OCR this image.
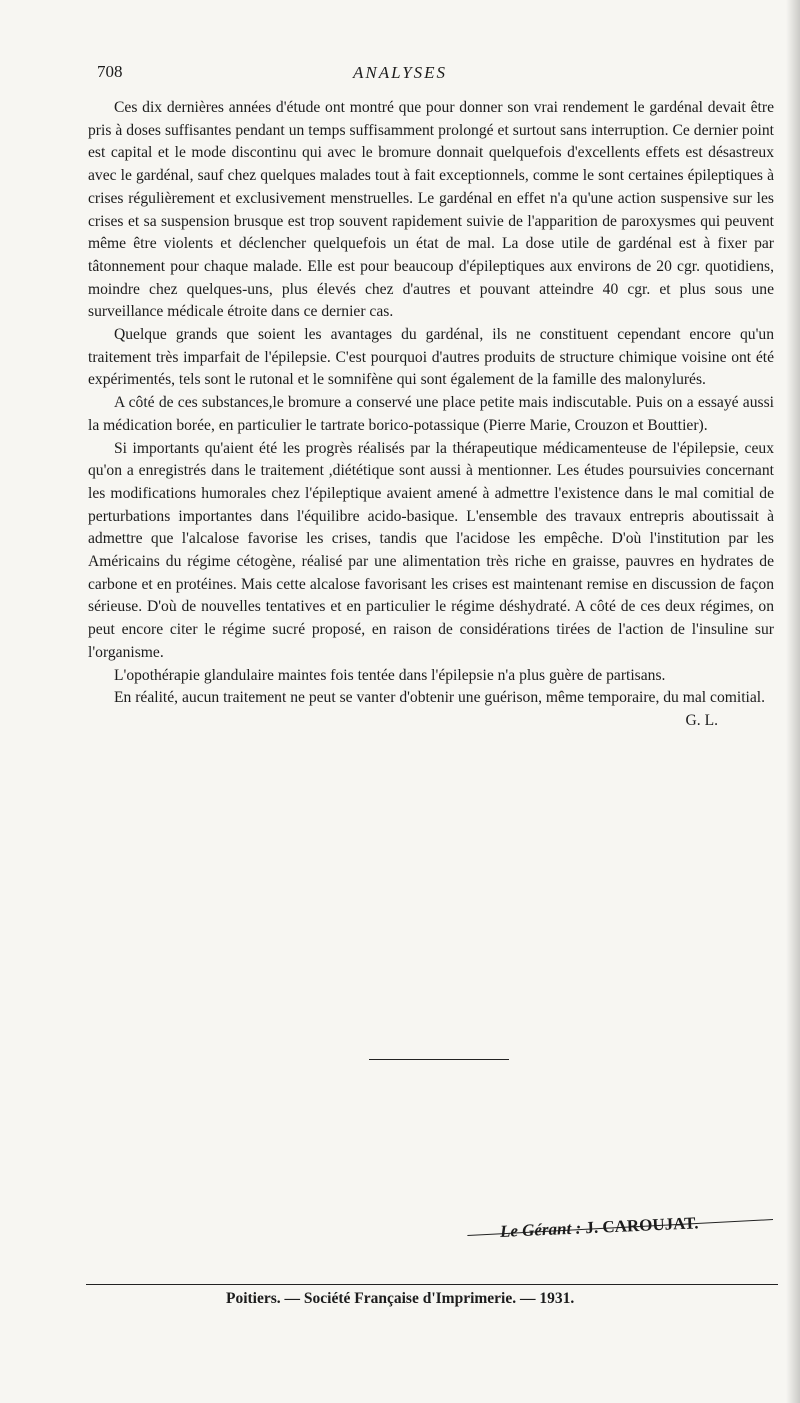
708	ANALYSES

Ces dix dernières années d'étude ont montré que pour donner son vrai rendement le gardénal devait être pris à doses suffisantes pendant un temps suffisamment prolongé et surtout sans interruption. Ce dernier point est capital et le mode discontinu qui avec le bromure donnait quelquefois d'excellents effets est désastreux avec le gardénal, sauf chez quelques malades tout à fait exceptionnels, comme le sont certaines épileptiques à crises régulièrement et exclusivement menstruelles. Le gardénal en effet n'a qu'une action suspensive sur les crises et sa suspension brusque est trop souvent rapidement suivie de l'apparition de paroxysmes qui peuvent même être violents et déclencher quelquefois un état de mal. La dose utile de gardénal est à fixer par tâtonnement pour chaque malade. Elle est pour beaucoup d'épileptiques aux environs de 20 cgr. quotidiens, moindre chez quelques-uns, plus élevés chez d'autres et pouvant atteindre 40 cgr. et plus sous une surveillance médicale étroite dans ce dernier cas.

Quelque grands que soient les avantages du gardénal, ils ne constituent cependant encore qu'un traitement très imparfait de l'épilepsie. C'est pourquoi d'autres produits de structure chimique voisine ont été expérimentés, tels sont le rutonal et le somnifène qui sont également de la famille des malonylurés.

A côté de ces substances,le bromure a conservé une place petite mais indiscutable. Puis on a essayé aussi la médication borée, en particulier le tartrate borico-potassique (Pierre Marie, Crouzon et Bouttier).

Si importants qu'aient été les progrès réalisés par la thérapeutique médicamenteuse de l'épilepsie, ceux qu'on a enregistrés dans le traitement ,diététique sont aussi à mentionner. Les études poursuivies concernant les modifications humorales chez l'épileptique avaient amené à admettre l'existence dans le mal comitial de perturbations importantes dans l'équilibre acido-basique. L'ensemble des travaux entrepris aboutissait à admettre que l'alcalose favorise les crises, tandis que l'acidose les empêche. D'où l'institution par les Américains du régime cétogène, réalisé par une alimentation très riche en graisse, pauvres en hydrates de carbone et en protéines. Mais cette alcalose favorisant les crises est maintenant remise en discussion de façon sérieuse. D'où de nouvelles tentatives et en particulier le régime déshydraté. A côté de ces deux régimes, on peut encore citer le régime sucré proposé, en raison de considérations tirées de l'action de l'insuline sur l'organisme.

L'opothérapie glandulaire maintes fois tentée dans l'épilepsie n'a plus guère de partisans.

En réalité, aucun traitement ne peut se vanter d'obtenir une guérison, même temporaire, du mal comitial.
G. L.

Le Gérant : J. CAROUJAT.
Poitiers. — Société Française d'Imprimerie. — 1931.
